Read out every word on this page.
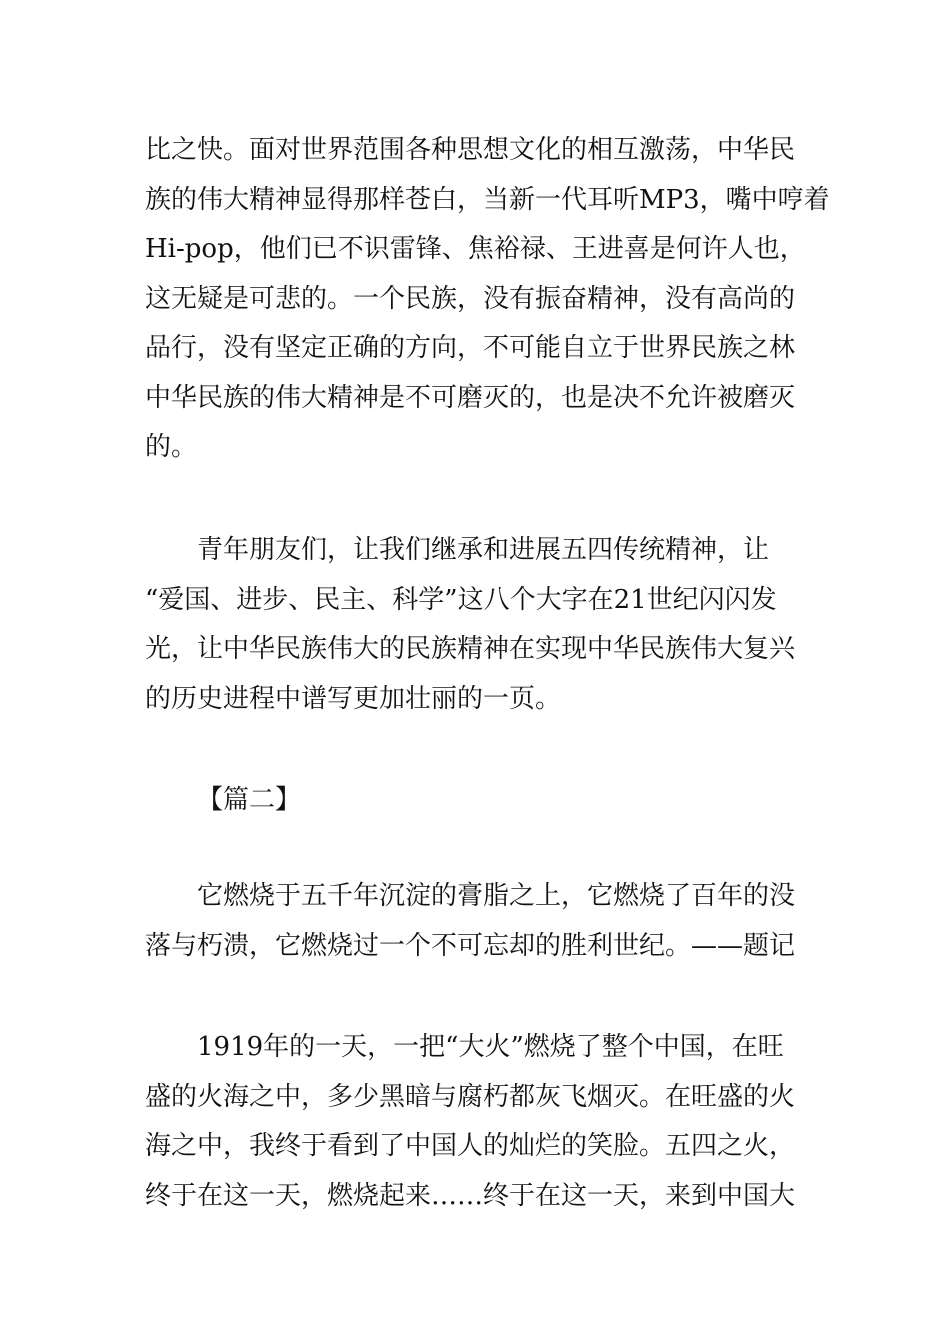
比之快。面对世界范围各种思想文化的相互激荡，中华民
族的伟大精神显得那样苍白，当新一代耳听MP3，嘴中哼着
Hi-pop，他们已不识雷锋、焦裕禄、王进喜是何许人也，
这无疑是可悲的。一个民族，没有振奋精神，没有高尚的
品行，没有坚定正确的方向，不可能自立于世界民族之林
中华民族的伟大精神是不可磨灭的，也是决不允许被磨灭
的。
青年朋友们，让我们继承和进展五四传统精神，让
“爱国、进步、民主、科学”这八个大字在21世纪闪闪发
光，让中华民族伟大的民族精神在实现中华民族伟大复兴
的历史进程中谱写更加壮丽的一页。
【篇二】
它燃烧于五千年沉淀的膏脂之上，它燃烧了百年的没
落与朽溃，它燃烧过一个不可忘却的胜利世纪。——题记
1919年的一天，一把“大火”燃烧了整个中国，在旺
盛的火海之中，多少黑暗与腐朽都灰飞烟灭。在旺盛的火
海之中，我终于看到了中国人的灿烂的笑脸。五四之火，
终于在这一天，燃烧起来……终于在这一天，来到中国大
